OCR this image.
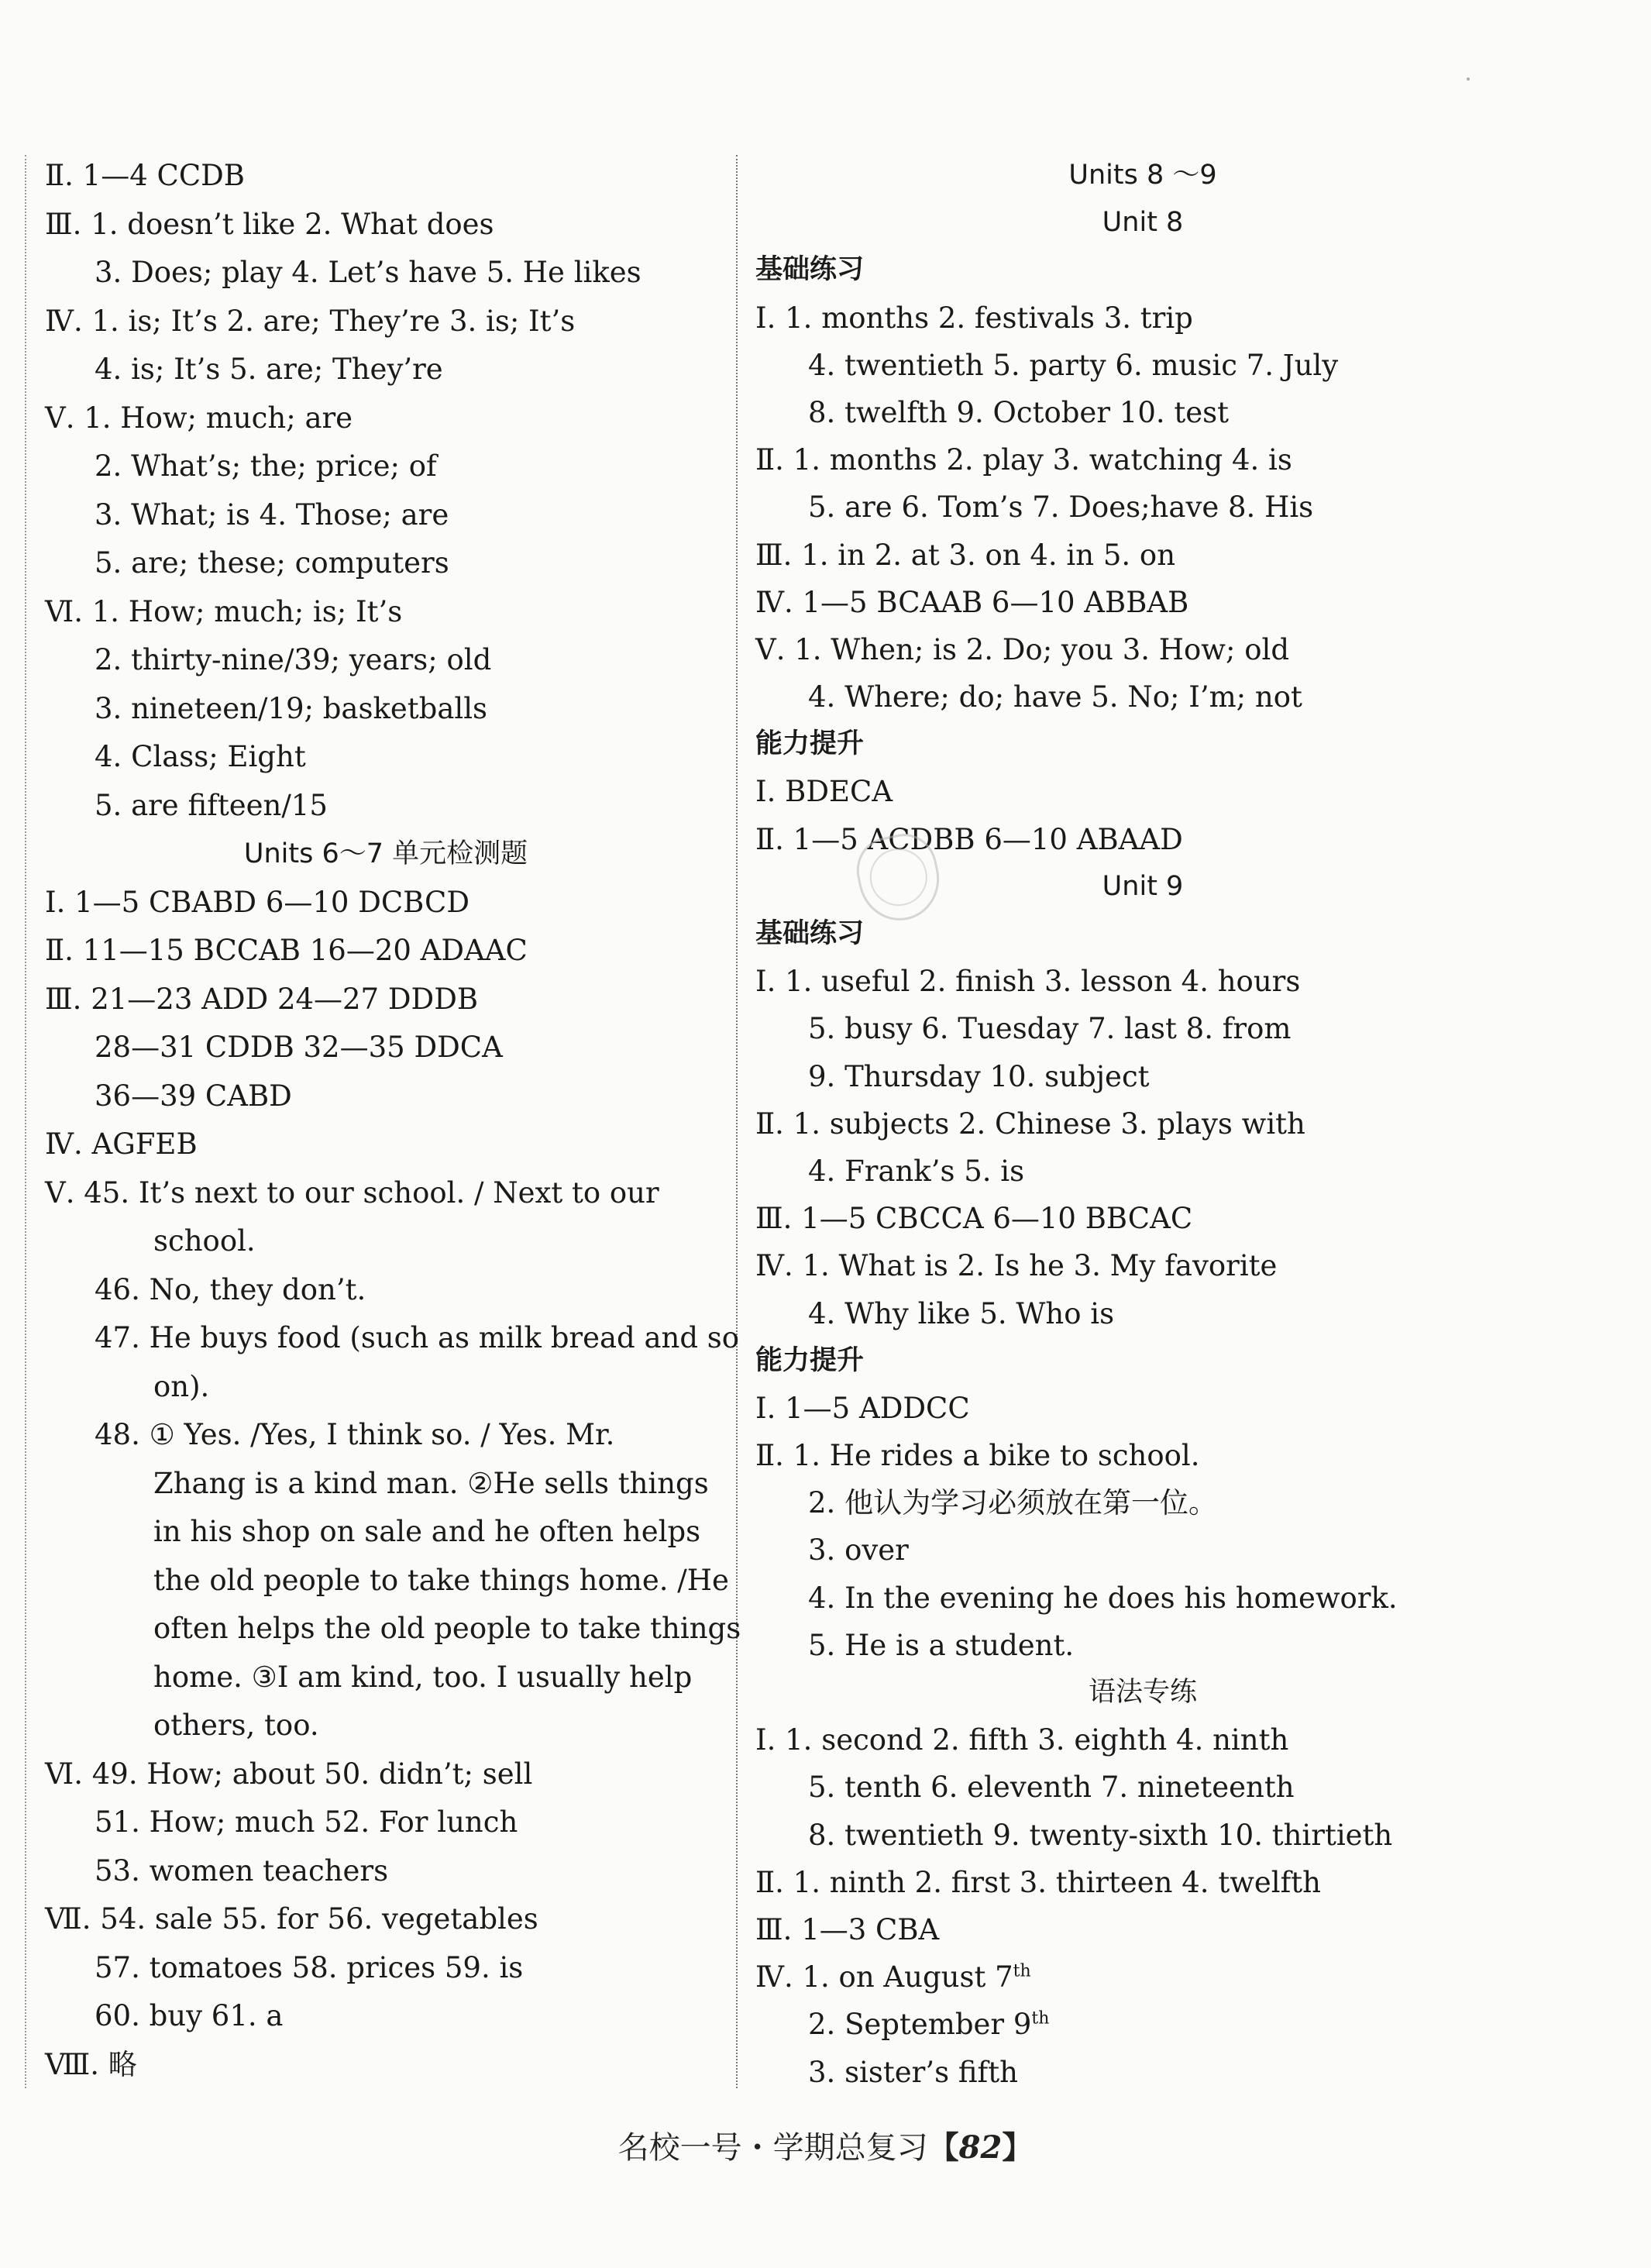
Ⅱ. 1—4 CCDB
Ⅲ. 1. doesn’t like 2. What does
3. Does; play 4. Let’s have 5. He likes
Ⅳ. 1. is; It’s 2. are; They’re 3. is; It’s
4. is; It’s 5. are; They’re
Ⅴ. 1. How; much; are
2. What’s; the; price; of
3. What; is 4. Those; are
5. are; these; computers
Ⅵ. 1. How; much; is; It’s
2. thirty-nine/39; years; old
3. nineteen/19; basketballs
4. Class; Eight
5. are fifteen/15
Units 6～7 单元检测题
Ⅰ. 1—5 CBABD 6—10 DCBCD
Ⅱ. 11—15 BCCAB 16—20 ADAAC
Ⅲ. 21—23 ADD 24—27 DDDB
28—31 CDDB 32—35 DDCA
36—39 CABD
Ⅳ. AGFEB
Ⅴ. 45. It’s next to our school. / Next to our
school.
46. No, they don’t.
47. He buys food (such as milk bread and so
on).
48. ① Yes. /Yes, I think so. / Yes. Mr.
Zhang is a kind man. ②He sells things
in his shop on sale and he often helps
the old people to take things home. /He
often helps the old people to take things
home. ③I am kind, too. I usually help
others, too.
Ⅵ. 49. How; about 50. didn’t; sell
51. How; much 52. For lunch
53. women teachers
Ⅶ. 54. sale 55. for 56. vegetables
57. tomatoes 58. prices 59. is
60. buy 61. a
Ⅷ. 略
Units 8 ～9
Unit 8
基础练习
Ⅰ. 1. months 2. festivals 3. trip
4. twentieth 5. party 6. music 7. July
8. twelfth 9. October 10. test
Ⅱ. 1. months 2. play 3. watching 4. is
5. are 6. Tom’s 7. Does;have 8. His
Ⅲ. 1. in 2. at 3. on 4. in 5. on
Ⅳ. 1—5 BCAAB 6—10 ABBAB
Ⅴ. 1. When; is 2. Do; you 3. How; old
4. Where; do; have 5. No; I’m; not
能力提升
Ⅰ. BDECA
Ⅱ. 1—5 ACDBB 6—10 ABAAD
Unit 9
基础练习
Ⅰ. 1. useful 2. finish 3. lesson 4. hours
5. busy 6. Tuesday 7. last 8. from
9. Thursday 10. subject
Ⅱ. 1. subjects 2. Chinese 3. plays with
4. Frank’s 5. is
Ⅲ. 1—5 CBCCA 6—10 BBCAC
Ⅳ. 1. What is 2. Is he 3. My favorite
4. Why like 5. Who is
能力提升
Ⅰ. 1—5 ADDCC
Ⅱ. 1. He rides a bike to school.
2. 他认为学习必须放在第一位。
3. over
4. In the evening he does his homework.
5. He is a student.
语法专练
Ⅰ. 1. second 2. fifth 3. eighth 4. ninth
5. tenth 6. eleventh 7. nineteenth
8. twentieth 9. twenty-sixth 10. thirtieth
Ⅱ. 1. ninth 2. first 3. thirteen 4. twelfth
Ⅲ. 1—3 CBA
Ⅳ. 1. on August 7th
2. September 9th
3. sister’s fifth
名校一号・学期总复习【82】
